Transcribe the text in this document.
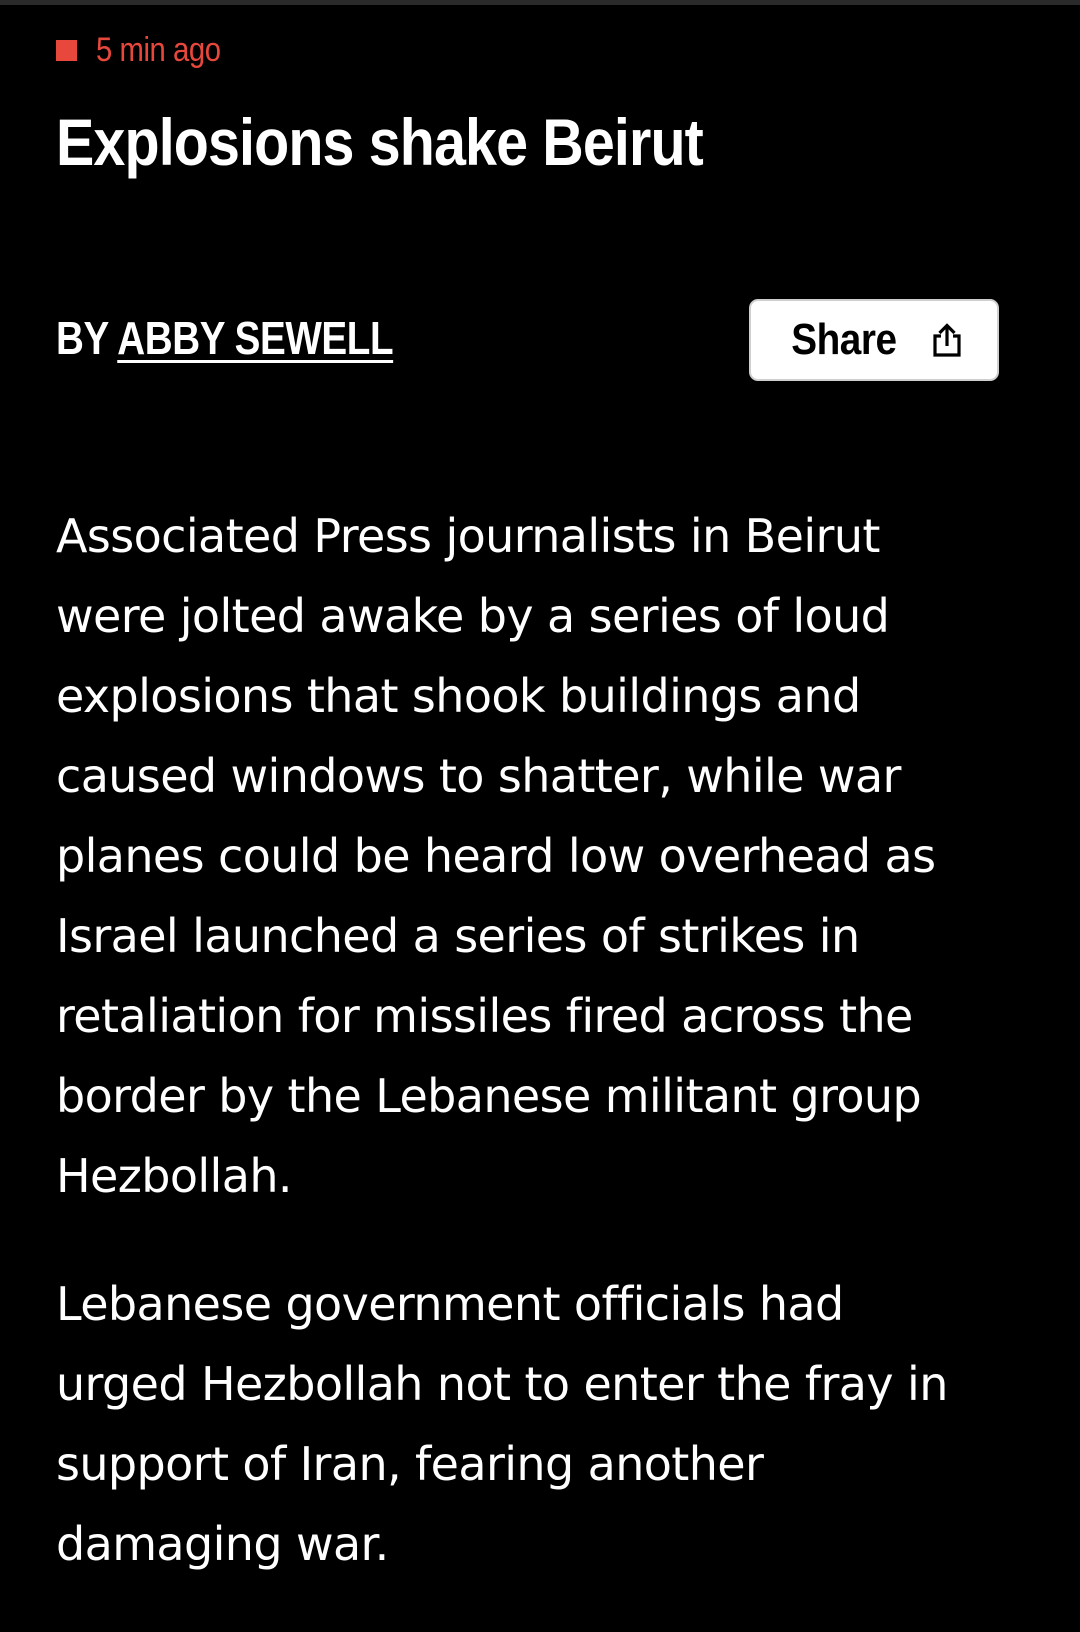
5 min ago
Explosions shake Beirut
BY ABBY SEWELL	Share

Associated Press journalists in Beirut
were jolted awake by a series of loud
explosions that shook buildings and
caused windows to shatter, while war
planes could be heard low overhead as
Israel launched a series of strikes in
retaliation for missiles fired across the
border by the Lebanese militant group
Hezbollah.

Lebanese government officials had
urged Hezbollah not to enter the fray in
support of Iran, fearing another
damaging war.
